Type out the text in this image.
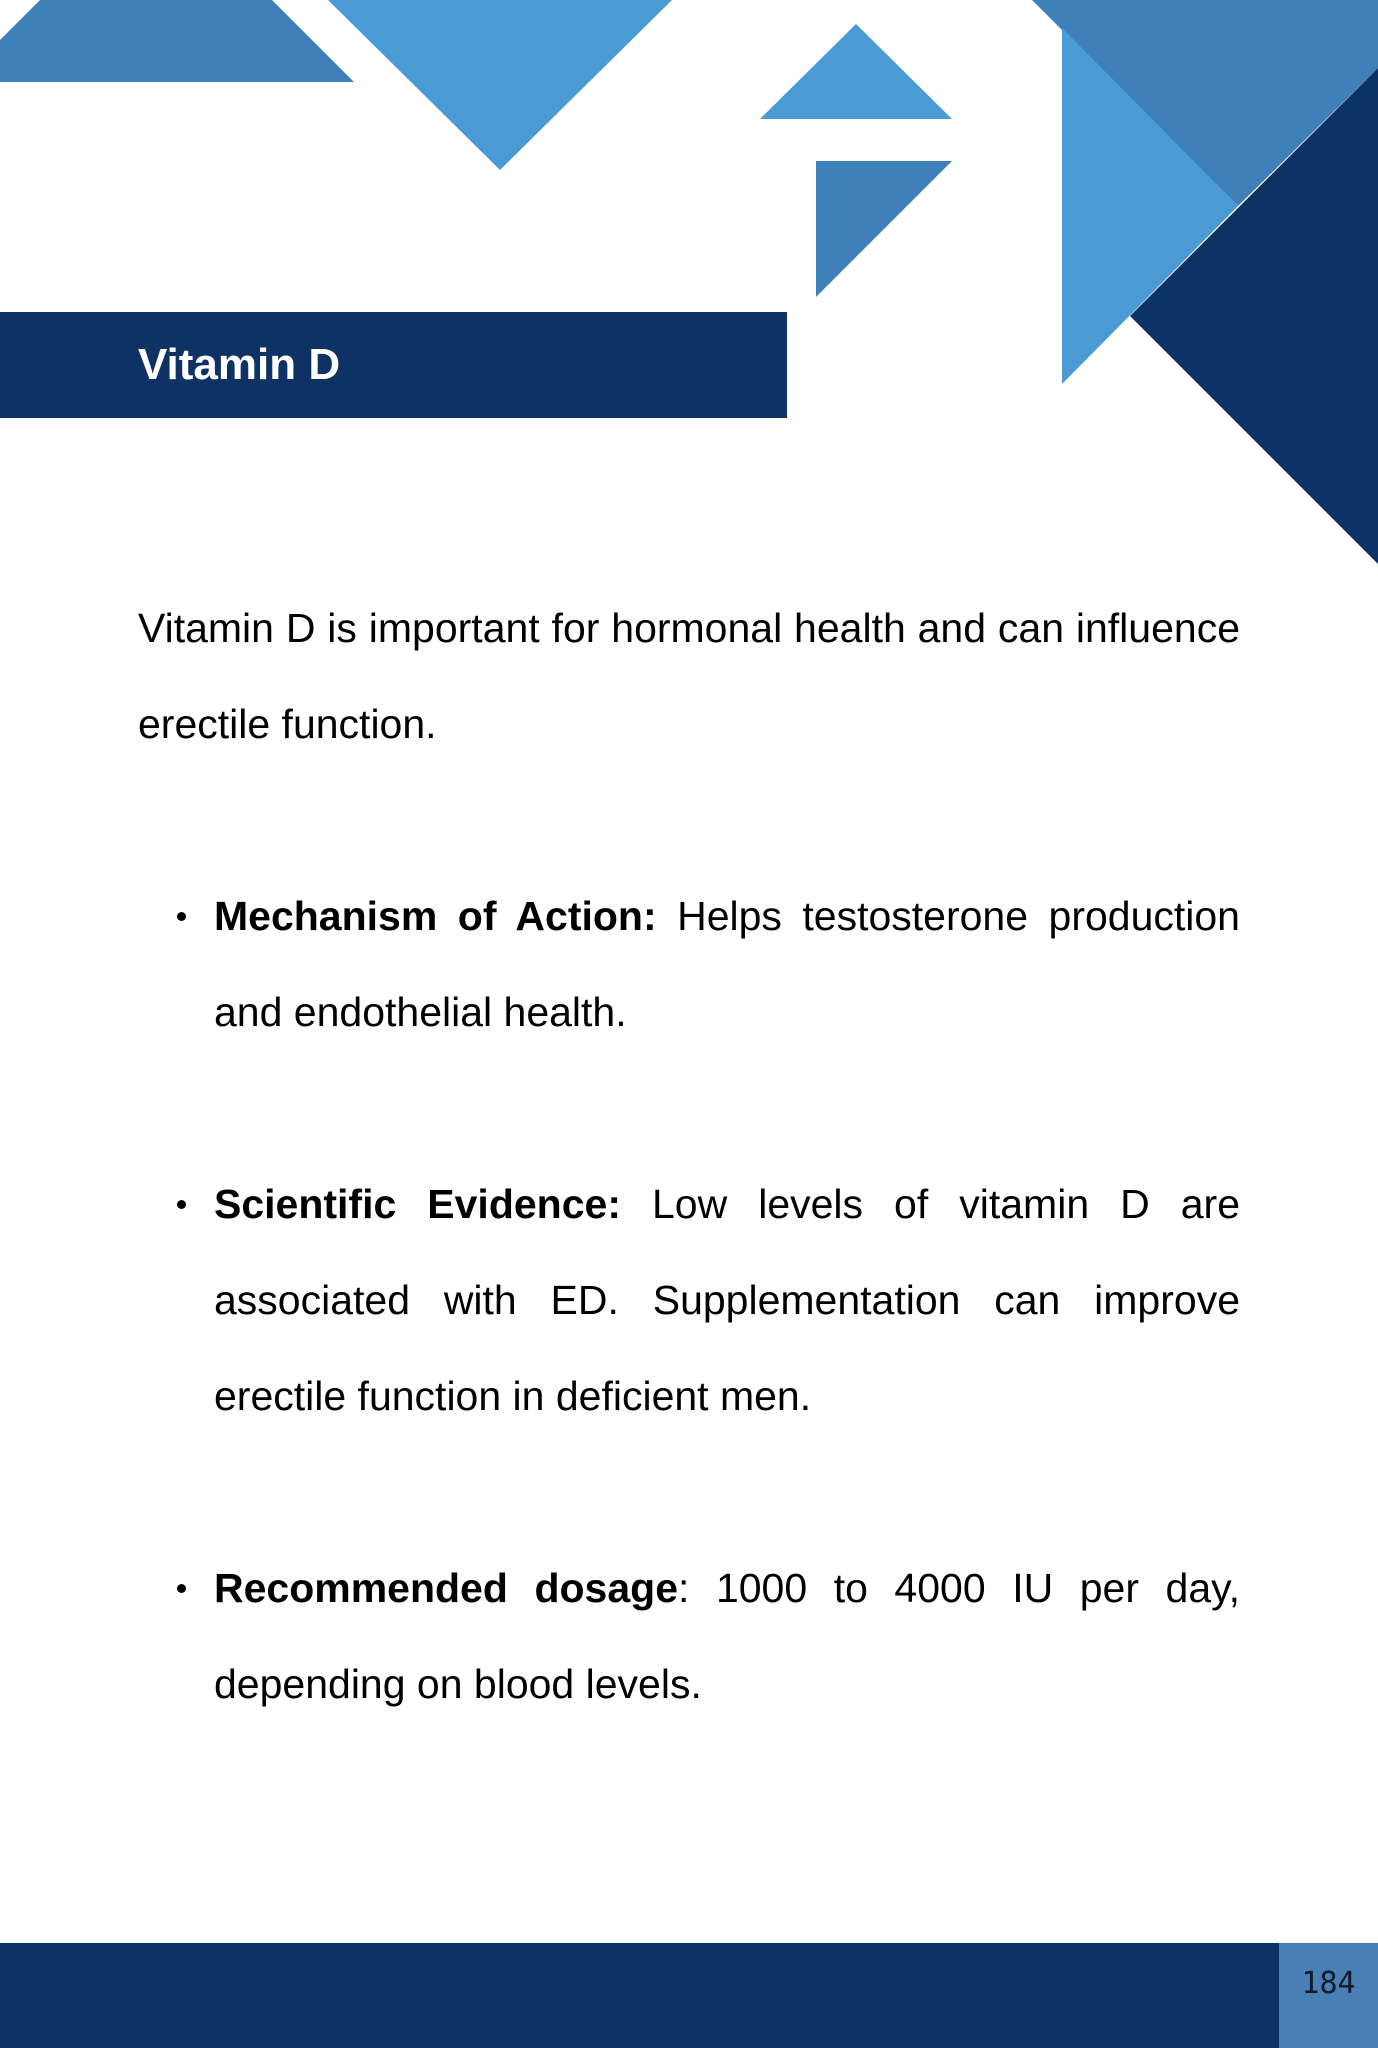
Vitamin D

Vitamin D is important for hormonal health and can influence erectile function.

Mechanism of Action: Helps testosterone production and endothelial health.
Scientific Evidence: Low levels of vitamin D are associated with ED. Supplementation can improve erectile function in deficient men.
Recommended dosage: 1000 to 4000 IU per day, depending on blood levels.
184
